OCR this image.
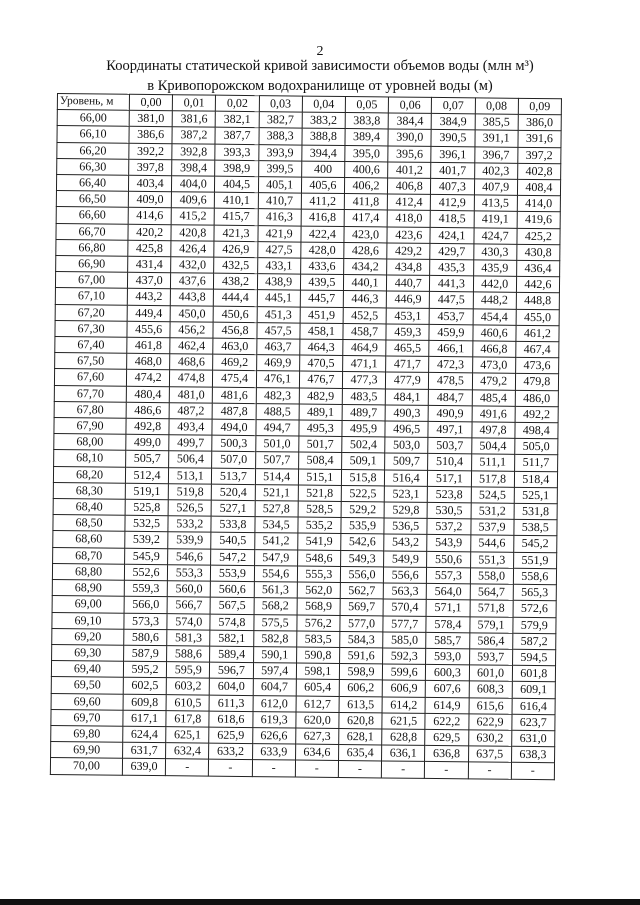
2
Координаты статической кривой зависимости объемов воды (млн м³)
в Кривопорожском водохранилище от уровней воды (м)
Уровень, м	0,00	0,01	0,02	0,03	0,04	0,05	0,06	0,07	0,08	0,09
66,00	381,0	381,6	382,1	382,7	383,2	383,8	384,4	384,9	385,5	386,0
66,10	386,6	387,2	387,7	388,3	388,8	389,4	390,0	390,5	391,1	391,6
66,20	392,2	392,8	393,3	393,9	394,4	395,0	395,6	396,1	396,7	397,2
66,30	397,8	398,4	398,9	399,5	400	400,6	401,2	401,7	402,3	402,8
66,40	403,4	404,0	404,5	405,1	405,6	406,2	406,8	407,3	407,9	408,4
66,50	409,0	409,6	410,1	410,7	411,2	411,8	412,4	412,9	413,5	414,0
66,60	414,6	415,2	415,7	416,3	416,8	417,4	418,0	418,5	419,1	419,6
66,70	420,2	420,8	421,3	421,9	422,4	423,0	423,6	424,1	424,7	425,2
66,80	425,8	426,4	426,9	427,5	428,0	428,6	429,2	429,7	430,3	430,8
66,90	431,4	432,0	432,5	433,1	433,6	434,2	434,8	435,3	435,9	436,4
67,00	437,0	437,6	438,2	438,9	439,5	440,1	440,7	441,3	442,0	442,6
67,10	443,2	443,8	444,4	445,1	445,7	446,3	446,9	447,5	448,2	448,8
67,20	449,4	450,0	450,6	451,3	451,9	452,5	453,1	453,7	454,4	455,0
67,30	455,6	456,2	456,8	457,5	458,1	458,7	459,3	459,9	460,6	461,2
67,40	461,8	462,4	463,0	463,7	464,3	464,9	465,5	466,1	466,8	467,4
67,50	468,0	468,6	469,2	469,9	470,5	471,1	471,7	472,3	473,0	473,6
67,60	474,2	474,8	475,4	476,1	476,7	477,3	477,9	478,5	479,2	479,8
67,70	480,4	481,0	481,6	482,3	482,9	483,5	484,1	484,7	485,4	486,0
67,80	486,6	487,2	487,8	488,5	489,1	489,7	490,3	490,9	491,6	492,2
67,90	492,8	493,4	494,0	494,7	495,3	495,9	496,5	497,1	497,8	498,4
68,00	499,0	499,7	500,3	501,0	501,7	502,4	503,0	503,7	504,4	505,0
68,10	505,7	506,4	507,0	507,7	508,4	509,1	509,7	510,4	511,1	511,7
68,20	512,4	513,1	513,7	514,4	515,1	515,8	516,4	517,1	517,8	518,4
68,30	519,1	519,8	520,4	521,1	521,8	522,5	523,1	523,8	524,5	525,1
68,40	525,8	526,5	527,1	527,8	528,5	529,2	529,8	530,5	531,2	531,8
68,50	532,5	533,2	533,8	534,5	535,2	535,9	536,5	537,2	537,9	538,5
68,60	539,2	539,9	540,5	541,2	541,9	542,6	543,2	543,9	544,6	545,2
68,70	545,9	546,6	547,2	547,9	548,6	549,3	549,9	550,6	551,3	551,9
68,80	552,6	553,3	553,9	554,6	555,3	556,0	556,6	557,3	558,0	558,6
68,90	559,3	560,0	560,6	561,3	562,0	562,7	563,3	564,0	564,7	565,3
69,00	566,0	566,7	567,5	568,2	568,9	569,7	570,4	571,1	571,8	572,6
69,10	573,3	574,0	574,8	575,5	576,2	577,0	577,7	578,4	579,1	579,9
69,20	580,6	581,3	582,1	582,8	583,5	584,3	585,0	585,7	586,4	587,2
69,30	587,9	588,6	589,4	590,1	590,8	591,6	592,3	593,0	593,7	594,5
69,40	595,2	595,9	596,7	597,4	598,1	598,9	599,6	600,3	601,0	601,8
69,50	602,5	603,2	604,0	604,7	605,4	606,2	606,9	607,6	608,3	609,1
69,60	609,8	610,5	611,3	612,0	612,7	613,5	614,2	614,9	615,6	616,4
69,70	617,1	617,8	618,6	619,3	620,0	620,8	621,5	622,2	622,9	623,7
69,80	624,4	625,1	625,9	626,6	627,3	628,1	628,8	629,5	630,2	631,0
69,90	631,7	632,4	633,2	633,9	634,6	635,4	636,1	636,8	637,5	638,3
70,00	639,0	-	-	-	-	-	-	-	-	-
